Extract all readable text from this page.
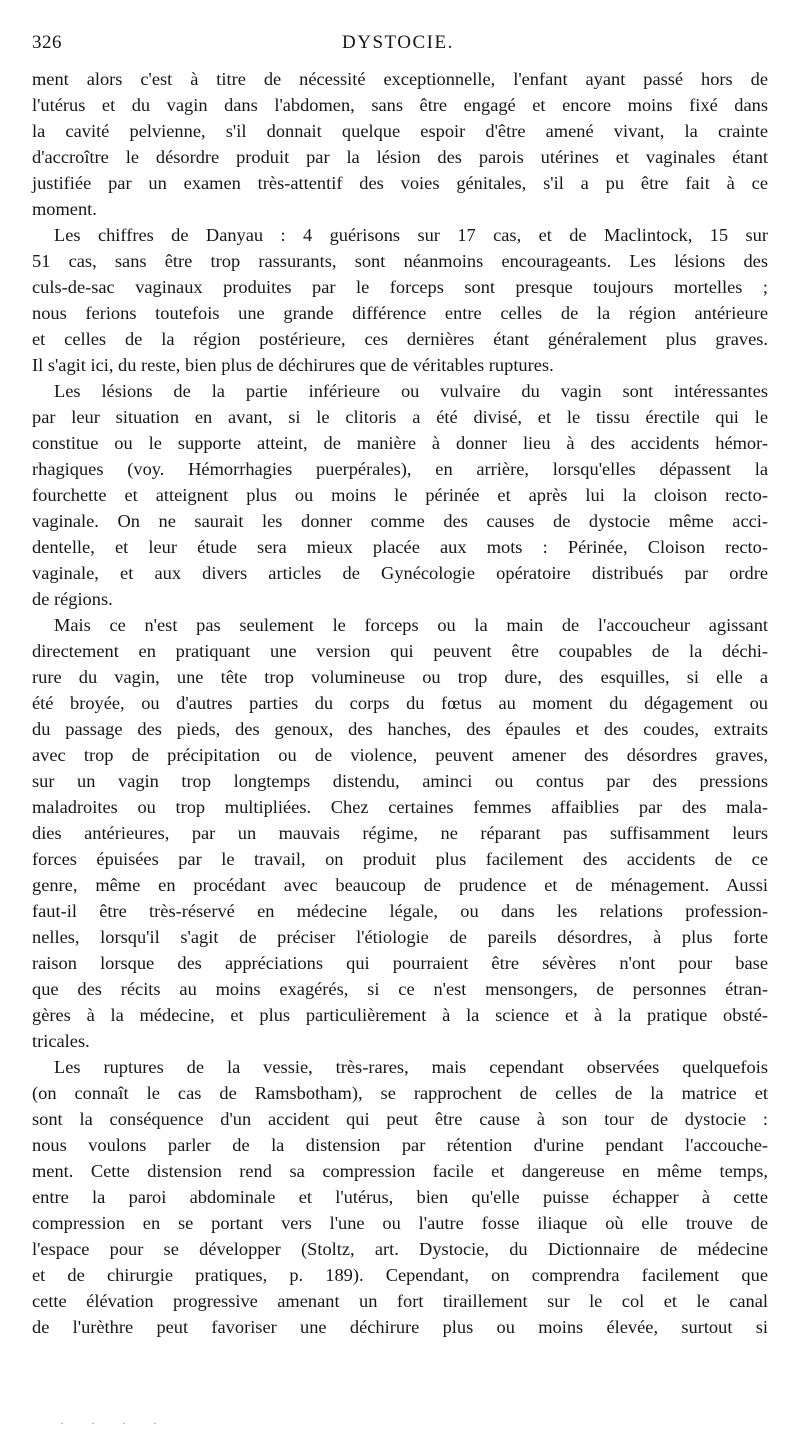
326	DYSTOCIE.
ment alors c'est à titre de nécessité exceptionnelle, l'enfant ayant passé hors de
l'utérus et du vagin dans l'abdomen, sans être engagé et encore moins fixé dans
la cavité pelvienne, s'il donnait quelque espoir d'être amené vivant, la crainte
d'accroître le désordre produit par la lésion des parois utérines et vaginales étant
justifiée par un examen très-attentif des voies génitales, s'il a pu être fait à ce
moment.
Les chiffres de Danyau : 4 guérisons sur 17 cas, et de Maclintock, 15 sur
51 cas, sans être trop rassurants, sont néanmoins encourageants. Les lésions des
culs-de-sac vaginaux produites par le forceps sont presque toujours mortelles ;
nous ferions toutefois une grande différence entre celles de la région antérieure
et celles de la région postérieure, ces dernières étant généralement plus graves.
Il s'agit ici, du reste, bien plus de déchirures que de véritables ruptures.
Les lésions de la partie inférieure ou vulvaire du vagin sont intéressantes
par leur situation en avant, si le clitoris a été divisé, et le tissu érectile qui le
constitue ou le supporte atteint, de manière à donner lieu à des accidents hémor-
rhagiques (voy. Hémorrhagies puerpérales), en arrière, lorsqu'elles dépassent la
fourchette et atteignent plus ou moins le périnée et après lui la cloison recto-
vaginale. On ne saurait les donner comme des causes de dystocie même acci-
dentelle, et leur étude sera mieux placée aux mots : Périnée, Cloison recto-
vaginale, et aux divers articles de Gynécologie opératoire distribués par ordre
de régions.
Mais ce n'est pas seulement le forceps ou la main de l'accoucheur agissant
directement en pratiquant une version qui peuvent être coupables de la déchi-
rure du vagin, une tête trop volumineuse ou trop dure, des esquilles, si elle a
été broyée, ou d'autres parties du corps du fœtus au moment du dégagement ou
du passage des pieds, des genoux, des hanches, des épaules et des coudes, extraits
avec trop de précipitation ou de violence, peuvent amener des désordres graves,
sur un vagin trop longtemps distendu, aminci ou contus par des pressions
maladroites ou trop multipliées. Chez certaines femmes affaiblies par des mala-
dies antérieures, par un mauvais régime, ne réparant pas suffisamment leurs
forces épuisées par le travail, on produit plus facilement des accidents de ce
genre, même en procédant avec beaucoup de prudence et de ménagement. Aussi
faut-il être très-réservé en médecine légale, ou dans les relations profession-
nelles, lorsqu'il s'agit de préciser l'étiologie de pareils désordres, à plus forte
raison lorsque des appréciations qui pourraient être sévères n'ont pour base
que des récits au moins exagérés, si ce n'est mensongers, de personnes étran-
gères à la médecine, et plus particulièrement à la science et à la pratique obsté-
tricales.
Les ruptures de la vessie, très-rares, mais cependant observées quelquefois
(on connaît le cas de Ramsbotham), se rapprochent de celles de la matrice et
sont la conséquence d'un accident qui peut être cause à son tour de dystocie :
nous voulons parler de la distension par rétention d'urine pendant l'accouche-
ment. Cette distension rend sa compression facile et dangereuse en même temps,
entre la paroi abdominale et l'utérus, bien qu'elle puisse échapper à cette
compression en se portant vers l'une ou l'autre fosse iliaque où elle trouve de
l'espace pour se développer (Stoltz, art. Dystocie, du Dictionnaire de médecine
et de chirurgie pratiques, p. 189). Cependant, on comprendra facilement que
cette élévation progressive amenant un fort tiraillement sur le col et le canal
de l'urèthre peut favoriser une déchirure plus ou moins élevée, surtout si
· · · ·
